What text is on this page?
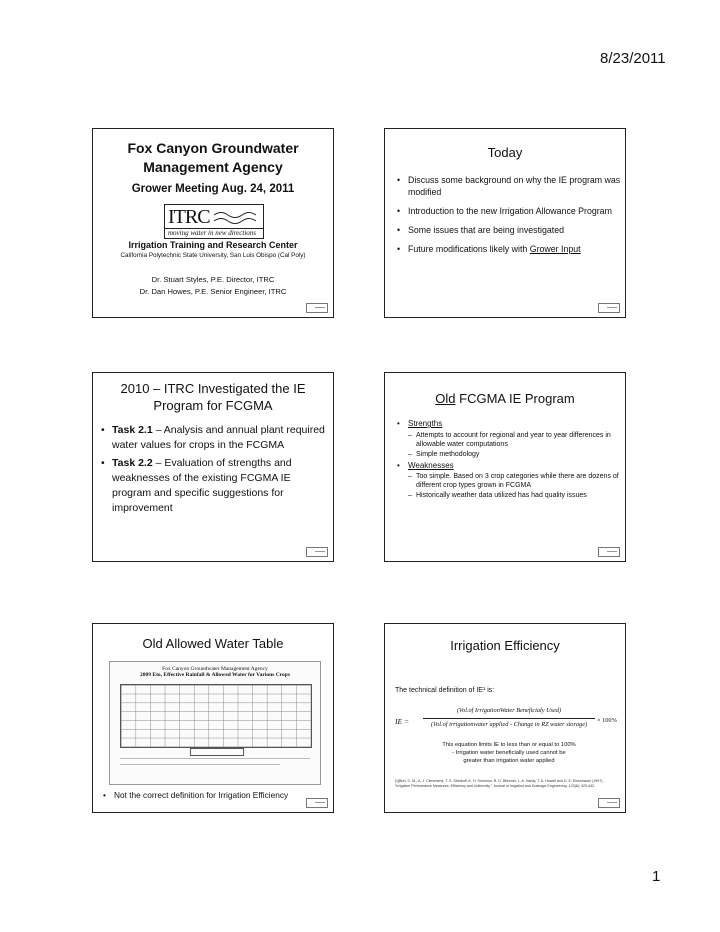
8/23/2011
Fox Canyon Groundwater
Management Agency
Grower Meeting Aug. 24, 2011
ITRC
moving water in new directions
Irrigation Training and Research Center
California Polytechnic State University, San Luis Obispo (Cal Poly)
Dr. Stuart Styles, P.E. Director, ITRC
Dr. Dan Howes, P.E. Senior Engineer, ITRC
Today
• Discuss some background on why the IE program was modified
• Introduction to the new Irrigation Allowance Program
• Some issues that are being investigated
• Future modifications likely with Grower Input
2010 – ITRC Investigated the IE
Program for FCGMA
• Task 2.1 – Analysis and annual plant required water values for crops in the FCGMA
• Task 2.2 – Evaluation of strengths and weaknesses of the existing FCGMA IE program and specific suggestions for improvement
Old FCGMA IE Program
• Strengths
– Attempts to account for regional and year to year differences in allowable water computations
– Simple methodology
• Weaknesses
– Too simple. Based on 3 crop categories while there are dozens of different crop types grown in FCGMA
– Historically weather data utilized has had quality issues
Old Allowed Water Table
Fox Canyon Groundwater Management Agency
2009 Eto, Effective Rainfall & Allowed Water for Various Crops
• Not the correct definition for Irrigation Efficiency
Irrigation Efficiency
The technical definition of IE¹ is:
IE =
(Vol.of IrrigationWater Beneficialy Used)
(Vol.of irrigationwater applied - Change in RZ water storage)
× 100%
This equation limits IE to less than or equal to 100%
- Irrigation water beneficially used cannot be
greater than irrigation water applied
[1]Burt, C. M., A. J. Clemmens, T. S. Strelkoff, K. H. Solomon, R. D. Bliesner, L. A. Hardy, T. A. Howell and D. E. Eisenhauer (1997). "Irrigation Performance Measures: Efficiency and Uniformity." Journal of Irrigation and Drainage Engineering. 123(6): 423-442.
1
